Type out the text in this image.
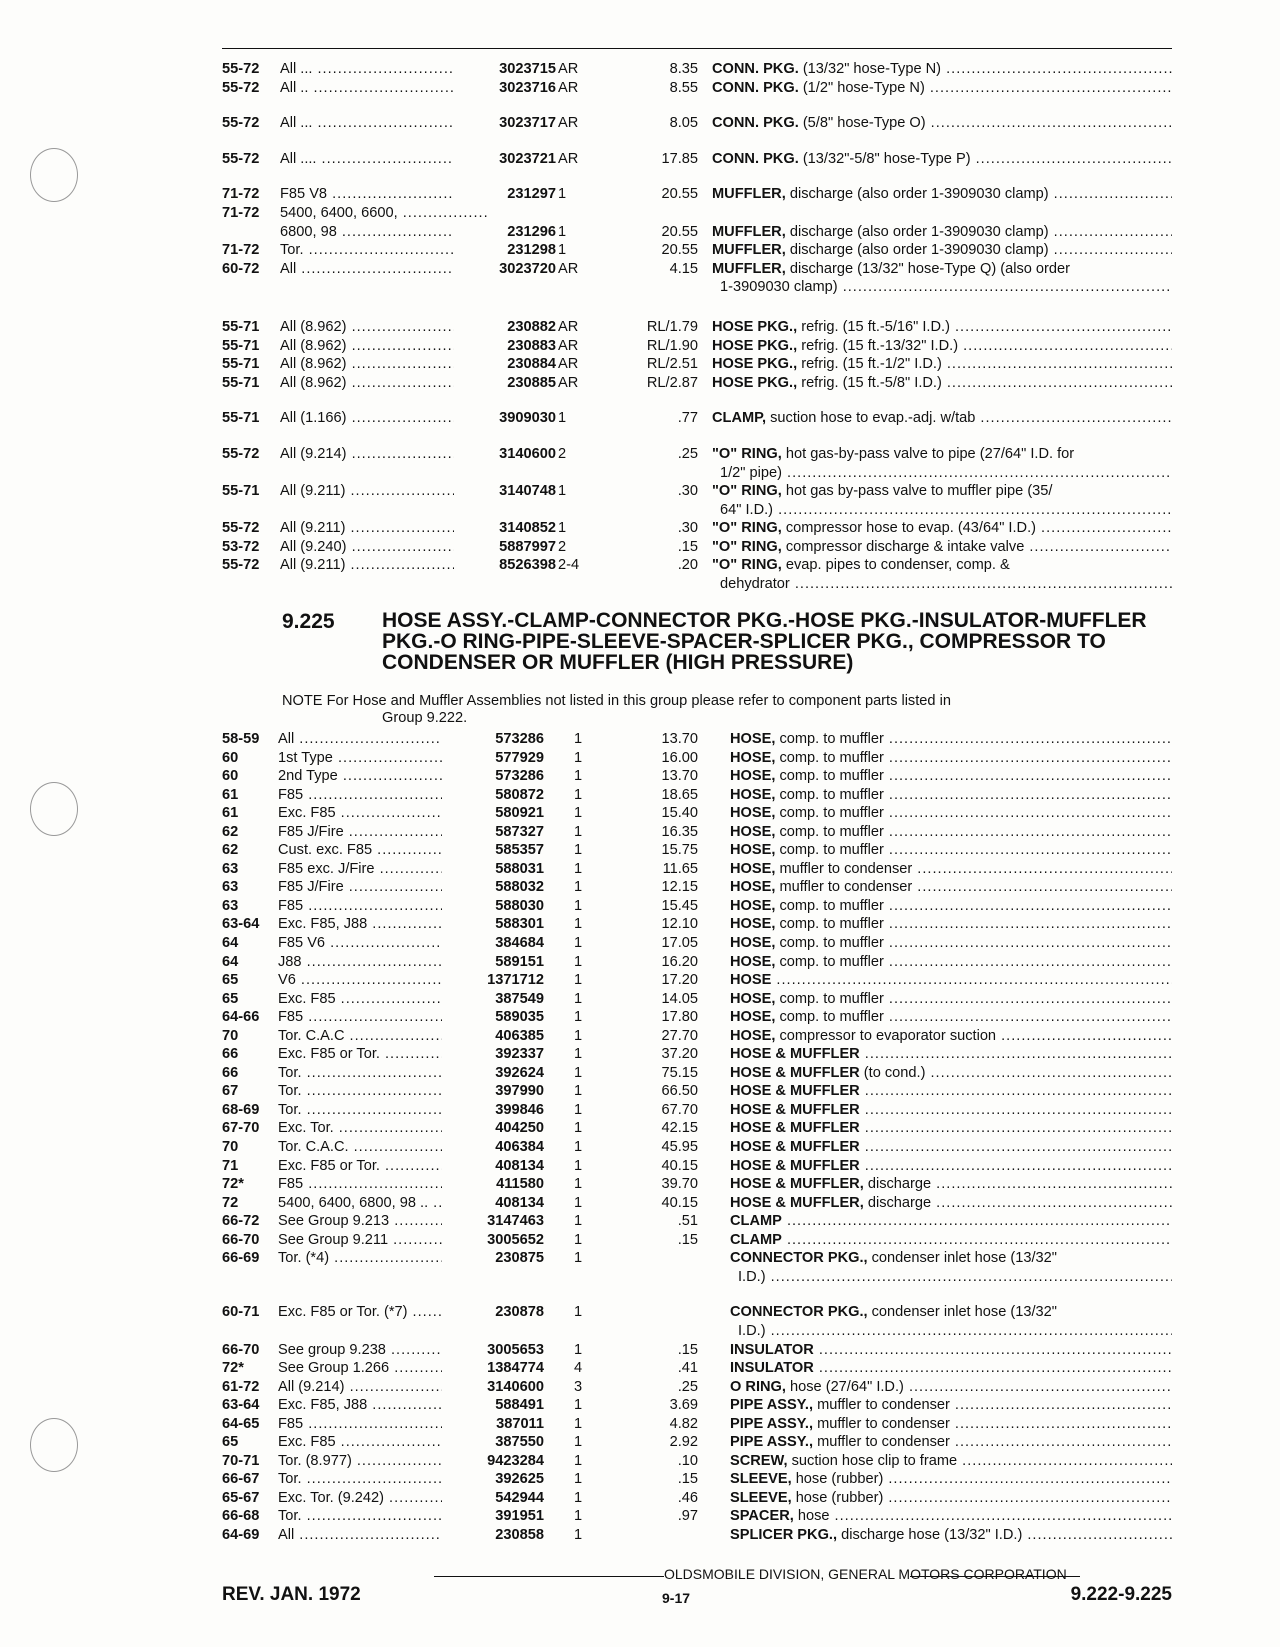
55-72	All ... .....	3023715 AR	8.35 CONN. PKG. (13/32" hose-Type N) .....
55-72	All .. .....	3023716 AR	8.55 CONN. PKG. (1/2" hose-Type N) .....
55-72	All ... .....	3023717 AR	8.05 CONN. PKG. (5/8" hose-Type O) .....
55-72	All .... .....	3023721 AR	17.85 CONN. PKG. (13/32"-5/8" hose-Type P) .....
71-72	F85 V8 .....	231297 1	20.55 MUFFLER, discharge (also order 1-3909030 clamp) .....
71-72	5400, 6400, 6600, .....
6800, 98 .....	231296 1	20.55 MUFFLER, discharge (also order 1-3909030 clamp) .....
71-72	Tor. .....	231298 1	20.55 MUFFLER, discharge (also order 1-3909030 clamp) .....
60-72	All .....	3023720 AR	4.15 MUFFLER, discharge (13/32" hose-Type Q) (also order
1-3909030 clamp) .....
55-71	All (8.962) .....	230882 AR	RL/1.79 HOSE PKG., refrig. (15 ft.-5/16" I.D.) .....
55-71	All (8.962) .....	230883 AR	RL/1.90 HOSE PKG., refrig. (15 ft.-13/32" I.D.) .....
55-71	All (8.962) .....	230884 AR	RL/2.51 HOSE PKG., refrig. (15 ft.-1/2" I.D.) .....
55-71	All (8.962) .....	230885 AR	RL/2.87 HOSE PKG., refrig. (15 ft.-5/8" I.D.) .....
55-71	All (1.166) .....	3909030 1	.77 CLAMP, suction hose to evap.-adj. w/tab .....
55-72	All (9.214) .....	3140600 2	.25 "O" RING, hot gas-by-pass valve to pipe (27/64" I.D. for
1/2" pipe) .....
55-71	All (9.211) .....	3140748 1	.30 "O" RING, hot gas by-pass valve to muffler pipe (35/
64" I.D.) .....
55-72	All (9.211) .....	3140852 1	.30 "O" RING, compressor hose to evap. (43/64" I.D.) .....
53-72	All (9.240) .....	5887997 2	.15 "O" RING, compressor discharge & intake valve .....
55-72	All (9.211) .....	8526398 2-4	.20 "O" RING, evap. pipes to condenser, comp. &
dehydrator .....
9.225 HOSE ASSY.-CLAMP-CONNECTOR PKG.-HOSE PKG.-INSULATOR-MUFFLER PKG.-O RING-PIPE-SLEEVE-SPACER-SPLICER PKG., COMPRESSOR TO CONDENSER OR MUFFLER (HIGH PRESSURE)
NOTE For Hose and Muffler Assemblies not listed in this group please refer to component parts listed in
Group 9.222.
58-59	All .....	573286 1	13.70 HOSE, comp. to muffler .....
60	1st Type .....	577929 1	16.00 HOSE, comp. to muffler .....
60	2nd Type .....	573286 1	13.70 HOSE, comp. to muffler .....
61	F85 .....	580872 1	18.65 HOSE, comp. to muffler .....
61	Exc. F85 .....	580921 1	15.40 HOSE, comp. to muffler .....
62	F85 J/Fire .....	587327 1	16.35 HOSE, comp. to muffler .....
62	Cust. exc. F85 .....	585357 1	15.75 HOSE, comp. to muffler .....
63	F85 exc. J/Fire .....	588031 1	11.65 HOSE, muffler to condenser .....
63	F85 J/Fire .....	588032 1	12.15 HOSE, muffler to condenser .....
63	F85 .....	588030 1	15.45 HOSE, comp. to muffler .....
63-64	Exc. F85, J88 .....	588301 1	12.10 HOSE, comp. to muffler .....
64	F85 V6 .....	384684 1	17.05 HOSE, comp. to muffler .....
64	J88 .....	589151 1	16.20 HOSE, comp. to muffler .....
65	V6 .....	1371712 1	17.20 HOSE .....
65	Exc. F85 .....	387549 1	14.05 HOSE, comp. to muffler .....
64-66	F85 .....	589035 1	17.80 HOSE, comp. to muffler .....
70	Tor. C.A.C .....	406385 1	27.70 HOSE, compressor to evaporator suction .....
66	Exc. F85 or Tor. .....	392337 1	37.20 HOSE & MUFFLER .....
66	Tor. .....	392624 1	75.15 HOSE & MUFFLER (to cond.) .....
67	Tor. .....	397990 1	66.50 HOSE & MUFFLER .....
68-69	Tor. .....	399846 1	67.70 HOSE & MUFFLER .....
67-70	Exc. Tor. .....	404250 1	42.15 HOSE & MUFFLER .....
70	Tor. C.A.C. .....	406384 1	45.95 HOSE & MUFFLER .....
71	Exc. F85 or Tor. .....	408134 1	40.15 HOSE & MUFFLER .....
72*	F85 .....	411580 1	39.70 HOSE & MUFFLER, discharge .....
72	5400, 6400, 6800, 98 .. .....	408134 1	40.15 HOSE & MUFFLER, discharge .....
66-72	See Group 9.213 .....	3147463 1	.51 CLAMP .....
66-70	See Group 9.211 .....	3005652 1	.15 CLAMP .....
66-69	Tor. (*4) .....	230875 1	CONNECTOR PKG., condenser inlet hose (13/32"
I.D.) .....
60-71	Exc. F85 or Tor. (*7) .....	230878 1	CONNECTOR PKG., condenser inlet hose (13/32"
I.D.) .....
66-70	See group 9.238 .....	3005653 1	.15 INSULATOR .....
72*	See Group 1.266 .....	1384774 4	.41 INSULATOR .....
61-72	All (9.214) .....	3140600 3	.25 O RING, hose (27/64" I.D.) .....
63-64	Exc. F85, J88 .....	588491 1	3.69 PIPE ASSY., muffler to condenser .....
64-65	F85 .....	387011 1	4.82 PIPE ASSY., muffler to condenser .....
65	Exc. F85 .....	387550 1	2.92 PIPE ASSY., muffler to condenser .....
70-71	Tor. (8.977) .....	9423284 1	.10 SCREW, suction hose clip to frame .....
66-67	Tor. .....	392625 1	.15 SLEEVE, hose (rubber) .....
65-67	Exc. Tor. (9.242) .....	542944 1	.46 SLEEVE, hose (rubber) .....
66-68	Tor. .....	391951 1	.97 SPACER, hose .....
64-69	All .....	230858 1	SPLICER PKG., discharge hose (13/32" I.D.) .....
OLDSMOBILE DIVISION, GENERAL MOTORS CORPORATION
REV. JAN. 1972	9-17	9.222-9.225
